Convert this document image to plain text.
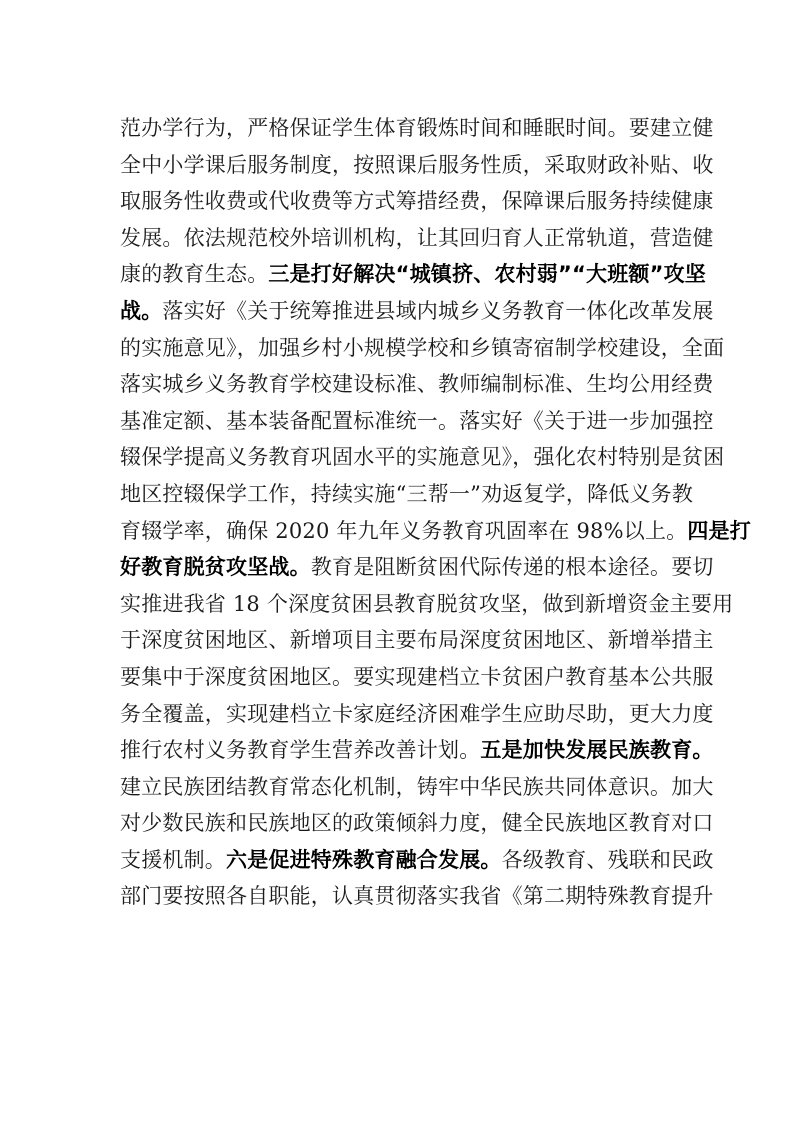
范办学行为，严格保证学生体育锻炼时间和睡眠时间。要建立健
全中小学课后服务制度，按照课后服务性质，采取财政补贴、收
取服务性收费或代收费等方式筹措经费，保障课后服务持续健康
发展。依法规范校外培训机构，让其回归育人正常轨道，营造健
康的教育生态。三是打好解决“城镇挤、农村弱”“大班额”攻坚
战。落实好《关于统筹推进县域内城乡义务教育一体化改革发展
的实施意见》，加强乡村小规模学校和乡镇寄宿制学校建设，全面
落实城乡义务教育学校建设标准、教师编制标准、生均公用经费
基准定额、基本装备配置标准统一。落实好《关于进一步加强控
辍保学提高义务教育巩固水平的实施意见》，强化农村特别是贫困
地区控辍保学工作，持续实施“三帮一”劝返复学，降低义务教
育辍学率，确保 2020 年九年义务教育巩固率在 98%以上。四是打
好教育脱贫攻坚战。教育是阻断贫困代际传递的根本途径。要切
实推进我省 18 个深度贫困县教育脱贫攻坚，做到新增资金主要用
于深度贫困地区、新增项目主要布局深度贫困地区、新增举措主
要集中于深度贫困地区。要实现建档立卡贫困户教育基本公共服
务全覆盖，实现建档立卡家庭经济困难学生应助尽助，更大力度
推行农村义务教育学生营养改善计划。五是加快发展民族教育。
建立民族团结教育常态化机制，铸牢中华民族共同体意识。加大
对少数民族和民族地区的政策倾斜力度，健全民族地区教育对口
支援机制。六是促进特殊教育融合发展。各级教育、残联和民政
部门要按照各自职能，认真贯彻落实我省《第二期特殊教育提升
